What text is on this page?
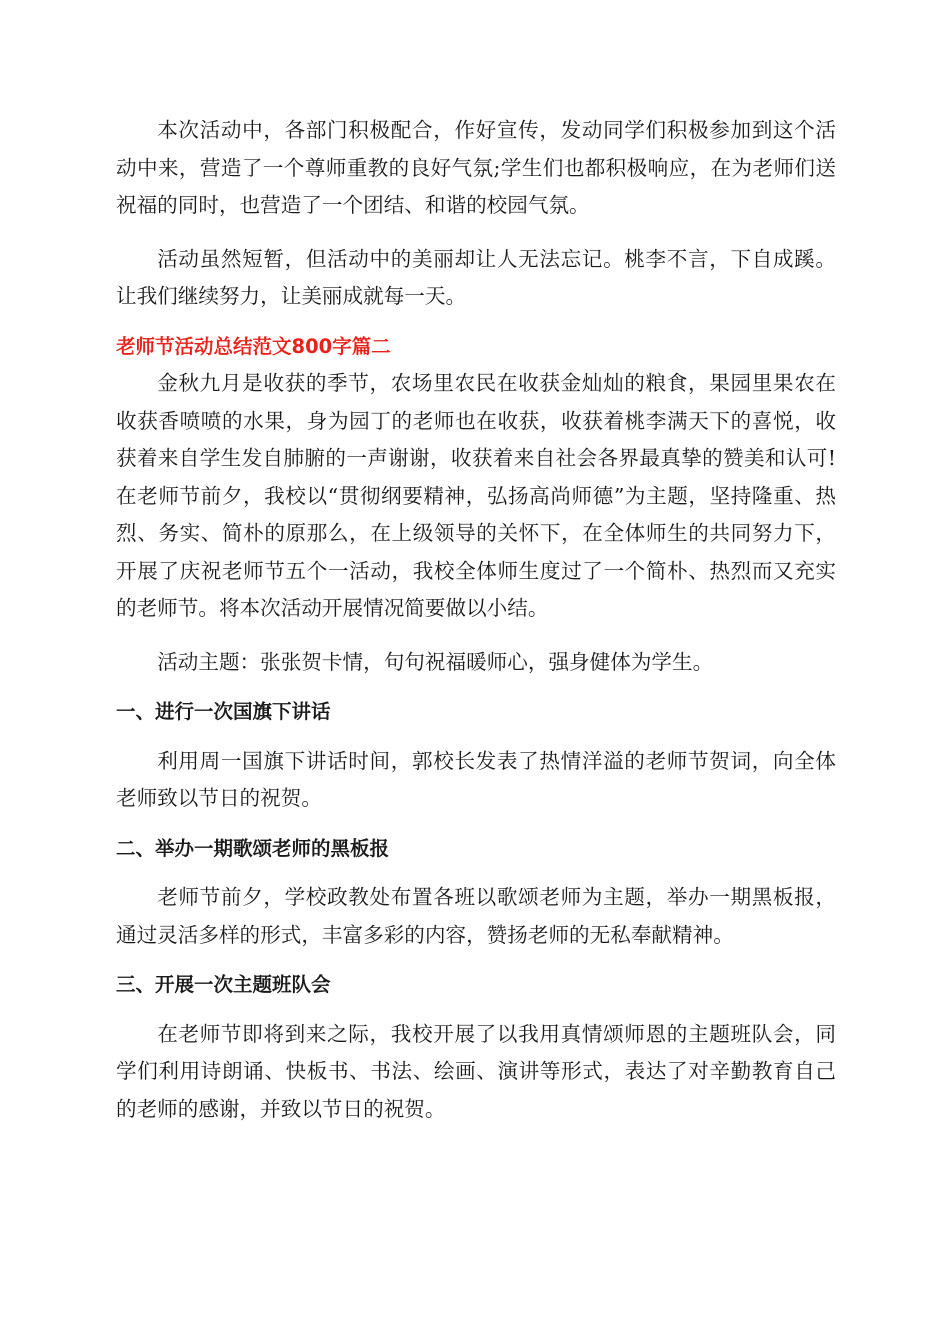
本次活动中，各部门积极配合，作好宣传，发动同学们积极参加到这个活动中来，营造了一个尊师重教的良好气氛;学生们也都积极响应，在为老师们送祝福的同时，也营造了一个团结、和谐的校园气氛。

活动虽然短暂，但活动中的美丽却让人无法忘记。桃李不言，下自成蹊。让我们继续努力，让美丽成就每一天。

老师节活动总结范文800字篇二

金秋九月是收获的季节，农场里农民在收获金灿灿的粮食，果园里果农在收获香喷喷的水果，身为园丁的老师也在收获，收获着桃李满天下的喜悦，收获着来自学生发自肺腑的一声谢谢，收获着来自社会各界最真挚的赞美和认可!在老师节前夕，我校以“贯彻纲要精神，弘扬高尚师德”为主题，坚持隆重、热烈、务实、简朴的原那么，在上级领导的关怀下，在全体师生的共同努力下，开展了庆祝老师节五个一活动，我校全体师生度过了一个简朴、热烈而又充实的老师节。将本次活动开展情况简要做以小结。

活动主题：张张贺卡情，句句祝福暖师心，强身健体为学生。

一、进行一次国旗下讲话

利用周一国旗下讲话时间，郭校长发表了热情洋溢的老师节贺词，向全体老师致以节日的祝贺。

二、举办一期歌颂老师的黑板报

老师节前夕，学校政教处布置各班以歌颂老师为主题，举办一期黑板报，通过灵活多样的形式，丰富多彩的内容，赞扬老师的无私奉献精神。

三、开展一次主题班队会

在老师节即将到来之际，我校开展了以我用真情颂师恩的主题班队会，同学们利用诗朗诵、快板书、书法、绘画、演讲等形式，表达了对辛勤教育自己的老师的感谢，并致以节日的祝贺。
